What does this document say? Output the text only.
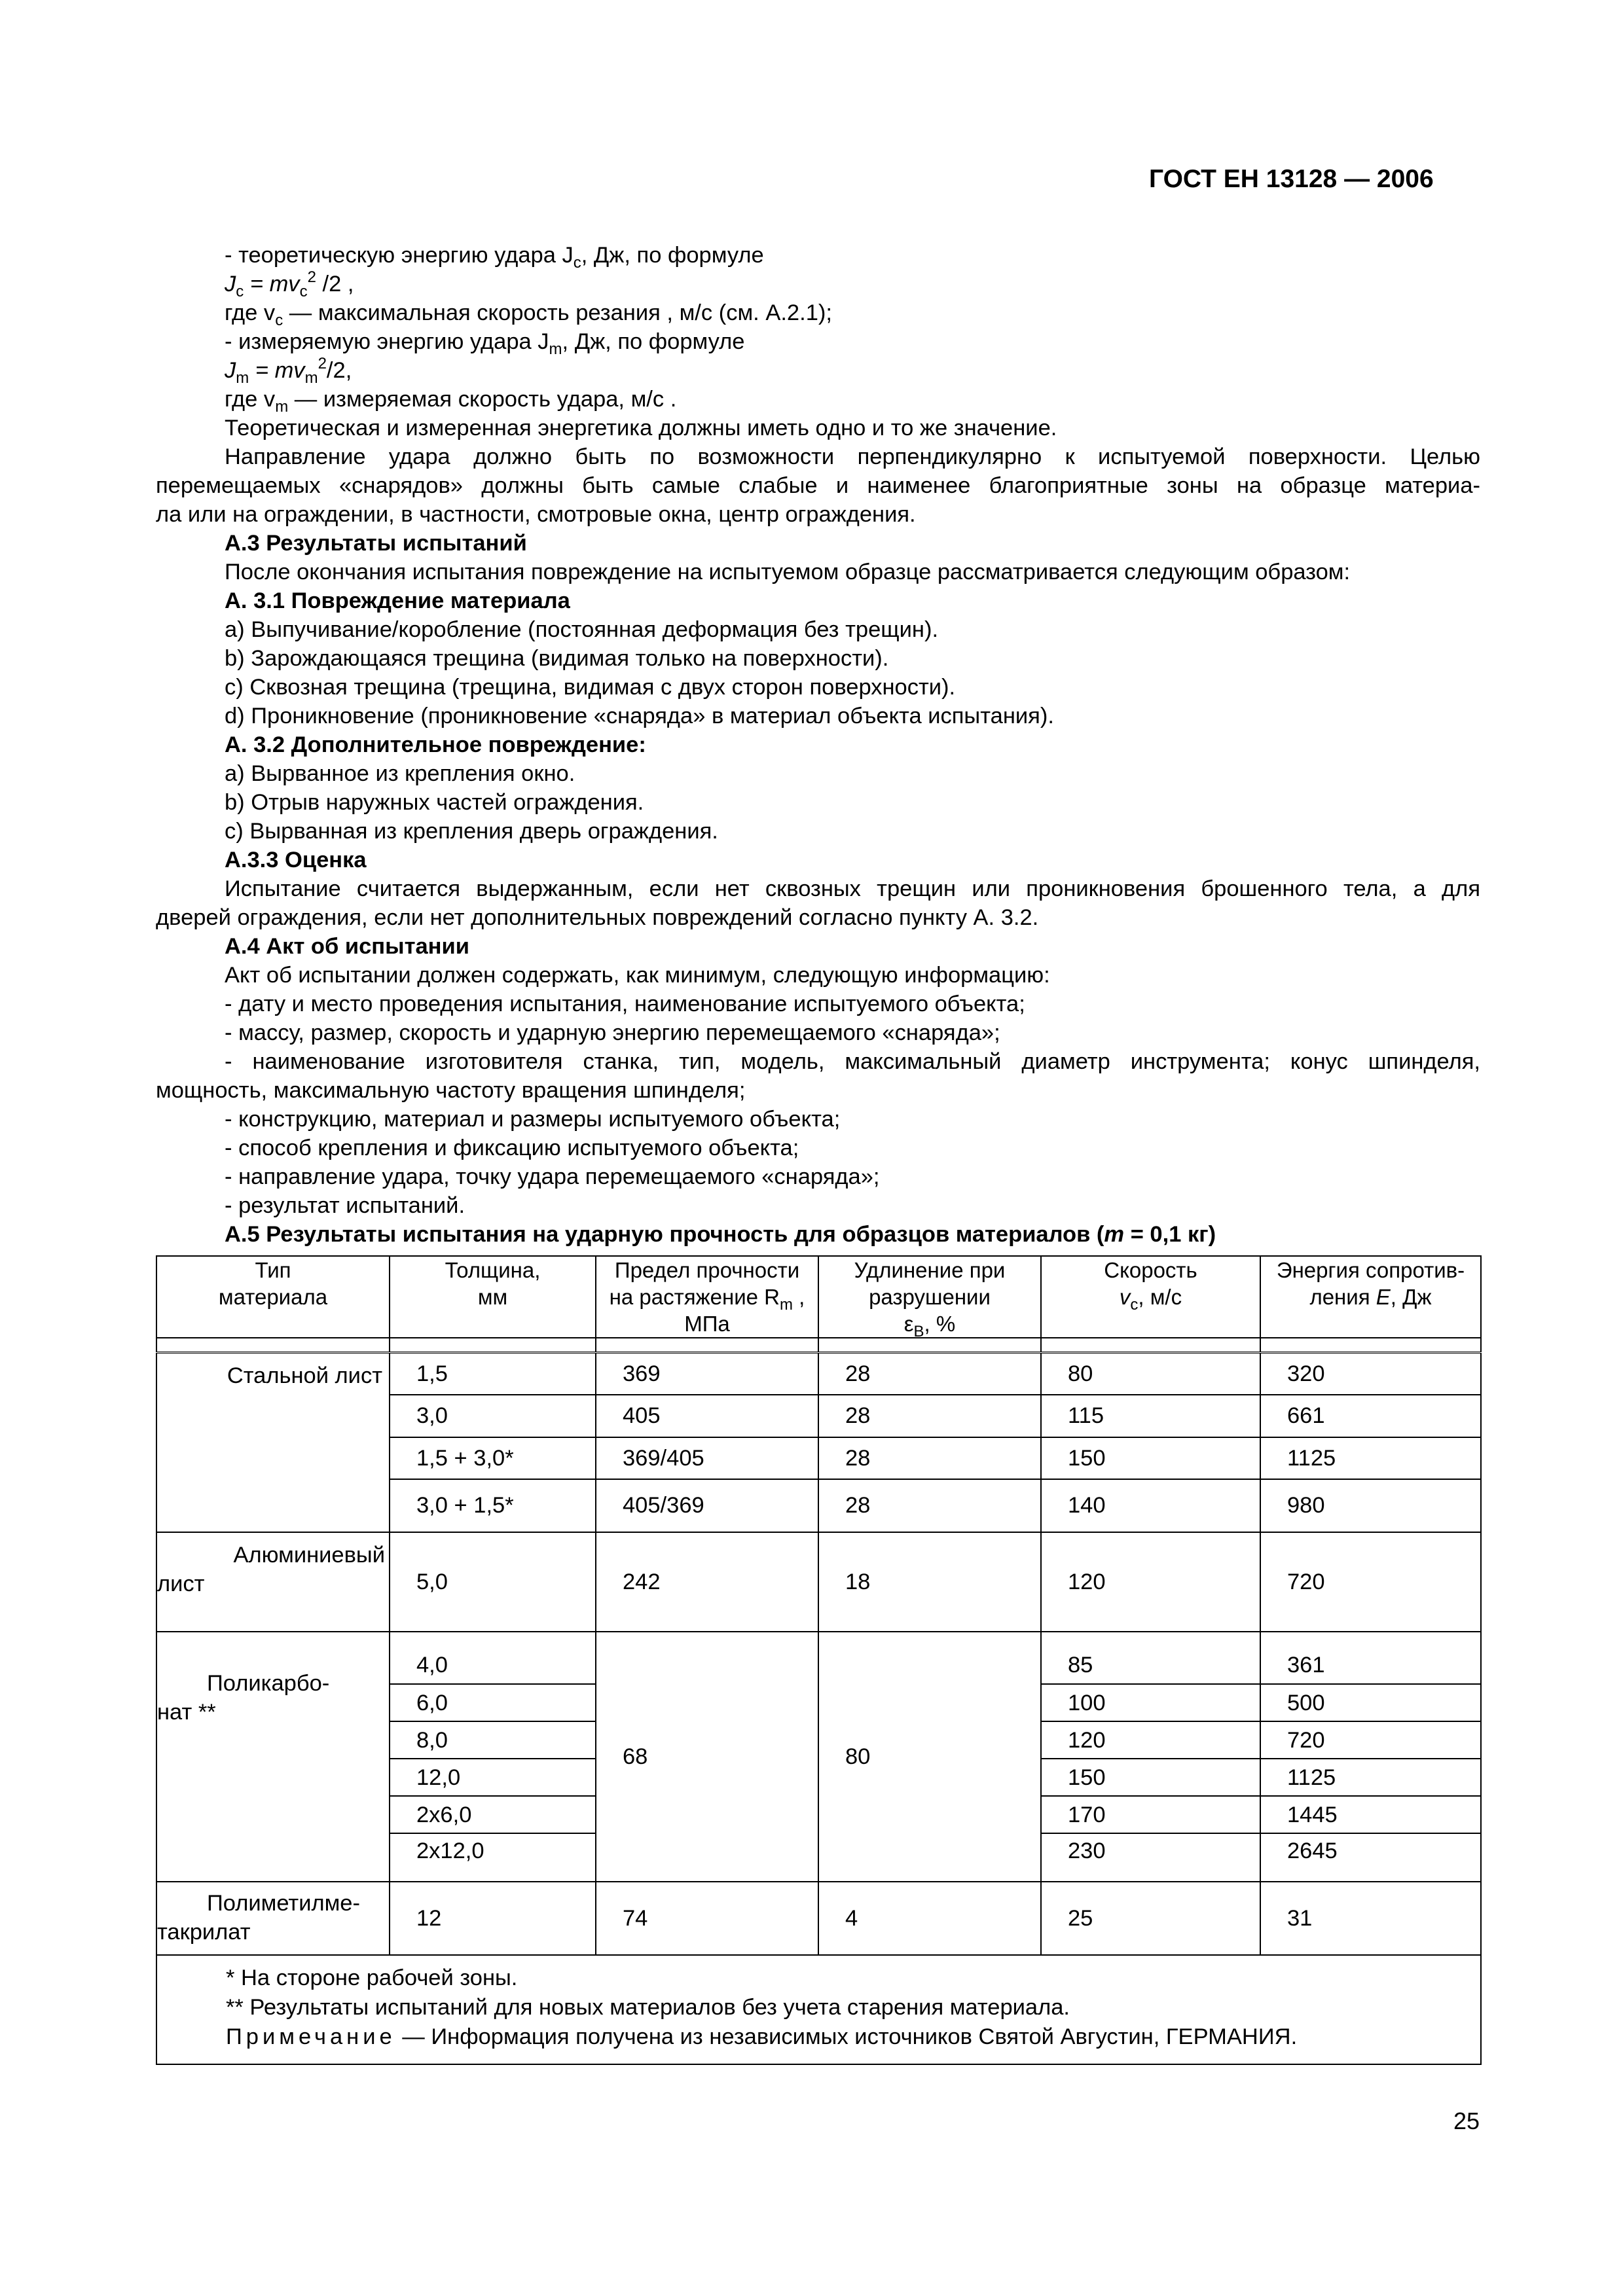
ГОСТ ЕН 13128 — 2006

- теоретическую энергию удара $J_c$, Дж, по формуле

$J_c = mv_c^2$ /2 ,

где $v_c$ — максимальная скорость резания , м/с (см. А.2.1);

- измеряемую энергию удара $J_m$, Дж, по формуле

$J_m = mv_m^2/2$,

где $v_m$ — измеряемая скорость удара, м/с .

Теоретическая и измеренная энергетика должны иметь одно и то же значение.

Направление удара должно быть по возможности перпендикулярно к испытуемой поверхности. Целью

перемещаемых «снарядов» должны быть самые слабые и наименее благоприятные зоны на образце материа-

ла или на ограждении, в частности, смотровые окна, центр ограждения.

А.3 Результаты испытаний

После окончания испытания повреждение на испытуемом образце рассматривается следующим образом:

А. 3.1 Повреждение материала

a) Выпучивание/коробление (постоянная деформация без трещин).

b) Зарождающаяся трещина (видимая только на поверхности).

c) Сквозная трещина (трещина, видимая с двух сторон поверхности).

d) Проникновение (проникновение «снаряда» в материал объекта испытания).

А. 3.2 Дополнительное повреждение:

a) Вырванное из крепления окно.

b) Отрыв наружных частей ограждения.

c) Вырванная из крепления дверь ограждения.

А.3.3 Оценка

Испытание считается выдержанным, если нет сквозных трещин или проникновения брошенного тела, а для

дверей ограждения, если нет дополнительных повреждений согласно пункту А. 3.2.

А.4 Акт об испытании

Акт об испытании должен содержать, как минимум, следующую информацию:

- дату и место проведения испытания, наименование испытуемого объекта;

- массу, размер, скорость и ударную энергию перемещаемого «снаряда»;

- наименование изготовителя станка, тип, модель, максимальный диаметр инструмента; конус шпинделя,

мощность, максимальную частоту вращения шпинделя;

- конструкцию, материал и размеры испытуемого объекта;

- способ крепления и фиксацию испытуемого объекта;

- направление удара, точку удара перемещаемого «снаряда»;

- результат испытаний.

А.5 Результаты испытания на ударную прочность для образцов материалов (m = 0,1 кг)

Тип
материала	Толщина,
мм	Предел прочности
на растяжение $R_m$ ,
МПа	Удлинение при
разрушении
$\varepsilon_B$, %	Скорость
$v_c$, м/с	Энергия сопротив-
ления E, Дж

Стальной лист	1,5	369	28	80	320
	3,0	405	28	115	661
	1,5 + 3,0*	369/405	28	150	1125
	3,0 + 1,5*	405/369	28	140	980

Алюминиевый
лист	5,0	242	18	120	720

Поликарбо-
нат **	4,0	68	80	85	361
	6,0			100	500
	8,0			120	720
	12,0			150	1125
	2x6,0			170	1445
	2x12,0			230	2645

Полиметилме-
такрилат	12	74	4	25	31

* На стороне рабочей зоны.
** Результаты испытаний для новых материалов без учета старения материала.
Примечание — Информация получена из независимых источников Святой Августин, ГЕРМАНИЯ.					
25
